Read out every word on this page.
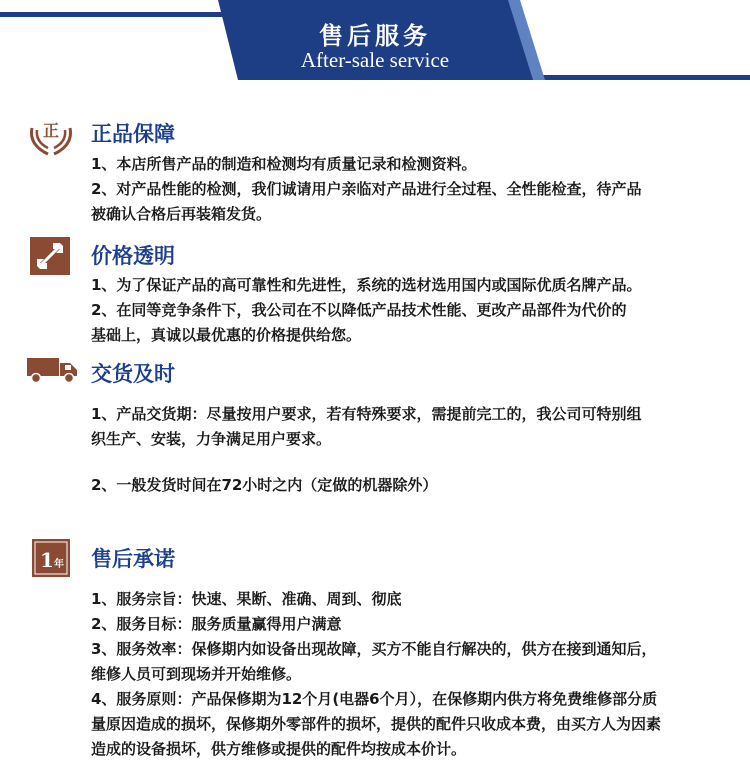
售后服务
After-sale service
正 正品保障
1、本店所售产品的制造和检测均有质量记录和检测资料。
2、对产品性能的检测，我们诚请用户亲临对产品进行全过程、全性能检查，待产品
被确认合格后再装箱发货。
价格透明
1、为了保证产品的高可靠性和先进性，系统的选材选用国内或国际优质名牌产品。
2、在同等竞争条件下，我公司在不以降低产品技术性能、更改产品部件为代价的
基础上，真诚以最优惠的价格提供给您。
交货及时
1、产品交货期：尽量按用户要求，若有特殊要求，需提前完工的，我公司可特别组
织生产、安装，力争满足用户要求。
2、一般发货时间在72小时之内（定做的机器除外）
1 年 售后承诺
1、服务宗旨：快速、果断、准确、周到、彻底
2、服务目标：服务质量赢得用户满意
3、服务效率：保修期内如设备出现故障，买方不能自行解决的，供方在接到通知后，
维修人员可到现场并开始维修。
4、服务原则：产品保修期为12个月(电器6个月），在保修期内供方将免费维修部分质
量原因造成的损坏，保修期外零部件的损坏，提供的配件只收成本费，由买方人为因素
造成的设备损坏，供方维修或提供的配件均按成本价计。
